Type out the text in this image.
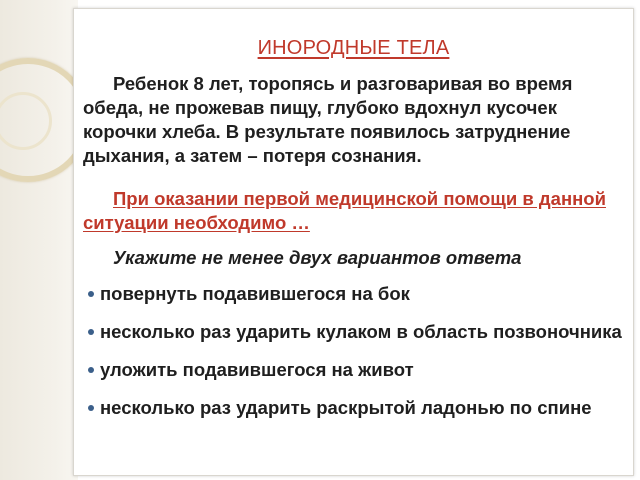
ИНОРОДНЫЕ ТЕЛА
Ребенок 8 лет, торопясь и разговаривая во время обеда, не прожевав пищу, глубоко вдохнул кусочек корочки хлеба. В результате появилось затруднение дыхания, а затем – потеря сознания.
При оказании первой медицинской помощи в данной ситуации необходимо …
Укажите не менее двух вариантов ответа
повернуть подавившегося на бок
несколько раз ударить кулаком в область позвоночника
уложить подавившегося на живот
несколько раз ударить раскрытой ладонью по спине
